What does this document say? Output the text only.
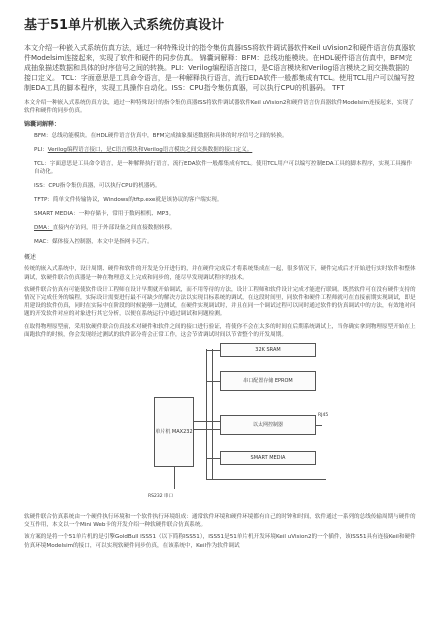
基于51单片机嵌入式系统仿真设计
本文介绍一种嵌入式系统仿真方法，通过一种特殊设计的指令集仿真器ISS将软件调试器软件Keil uVision2和硬件语言仿真器软件Modelsim连接起来，实现了软件和硬件的同步仿真。 锦囊词解释：BFM：总线功能模块。在HDL硬件语言仿真中，BFM完成抽象描述数据和具体的时序信号之间的转换。PLI：Verilog编程语言接口，是C语言模块和Verilog语言模块之间交换数据的接口定义。 TCL：字面意思是工具命令语言，是一种解释执行语言，流行EDA软件一般都集成有TCL。使用TCL用户可以编写控制EDA工具的脚本程序，实现工具操作自动化。ISS：CPU指令集仿真器，可以执行CPU的机器码。 TFT
本文介绍一种嵌入式系统仿真方法，通过一种特殊设计的指令集仿真器ISS将软件调试器软件Keil uVision2和硬件语言仿真器软件Modelsim连接起来，实现了软件和硬件的同步仿真。
锦囊词解释：
BFM：总线功能模块。在HDL硬件语言仿真中，BFM完成抽象描述数据和具体的时序信号之间的转换。
PLI：Verilog编程语言接口，是C语言模块和Verilog语言模块之间交换数据的接口定义。
TCL：字面意思是工具命令语言，是一种解释执行语言，流行EDA软件一般都集成有TCL。使用TCL用户可以编写控制EDA工具的脚本程序，实现工具操作自动化。
ISS：CPU指令集仿真器，可以执行CPU的机器码。
TFTP：简单文件传输协议，Windows的tftp.exe就是该协议的客户端实现。
SMART MEDIA：一种存储卡，常用于数码相机、MP3。
DMA：直接内存访问，用于外部设备之间直接数据转移。
MAC：媒体接入控制器，本文中是指网卡芯片。
概述
传统的嵌入式系统中，设计周期、硬件和软件的开发是分开进行的，并在硬件完成后才将系统集成在一起，很多情况下，硬件完成后才开始进行实时软件和整体调试，软硬件联合仿真器是一种在物理意义上完成和同步的，能尽早发现调试程序的技术。
软硬件联合仿真有可能使软件设计工程师在设计早期就开始调试，而不用等待的方法，设计工程师和软件设计完成才能进行联调。既然软件可在没有硬件支持的情况下完成任务的编程，实际设计需要进行最不可缺少的解决方法以实现目标系统的调试，在这段时间里，同软件和硬件工程师就可在直接前期实现调试，即是用建设的软件仿真，同时在实际中在阶段的时候能够一边测试，在硬件实现调试时，并且在同一个调试过程可以同时通过软件的仿真调试中的方法，有效地对问题的开发软件对应的对象进行其它分析，以便在系统运行中通过调试和问题检测。
在取得物理原型前，采用软硬件联合仿真技术对硬件和软件之间的接口进行验证，将使你不会在太多的时间在后期系统调试上，当你确实拿到物理原型开始在上面跑软件的时候，你会发现经过测试的软件部分将会正常工作，这会节省调试时间以节省整个的开发周期。
32K SRAM
串口配置存储 EPROM
单片机 MAX232
以太网控制器
SMART MEDIA
RJ45
RS232 串口
软硬件联合仿真系统由一个硬件执行环境和一个软件执行环境组成：通常软件环境和硬件环境都有自己的时钟和时间，软件通过一系列的总线传输周期与硬件的交互作用，本文以一个Mini Web卡的开发介绍一种软硬件联合仿真系统。
该方案的是将一个51单片机的是引擎GoldBull ISS51（以下简称ISS51），ISS51是51单片机开发环境Keil uVision2的一个插件，该ISS51具有连接Keil和硬件仿真环境Modelsim的接口，可以实现软硬件同步仿真，在该系统中，Keil作为软件调试
